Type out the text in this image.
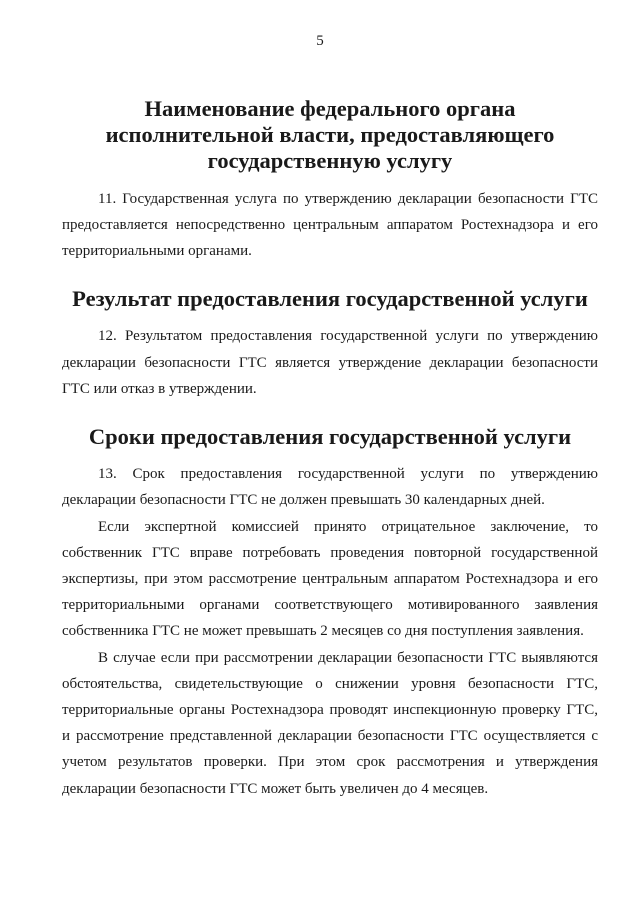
5
Наименование федерального органа исполнительной власти, предоставляющего государственную услугу

11. Государственная услуга по утверждению декларации безопасности ГТС предоставляется непосредственно центральным аппаратом Ростехнадзора и его территориальными органами.

Результат предоставления государственной услуги

12. Результатом предоставления государственной услуги по утверждению декларации безопасности ГТС является утверждение декларации безопасности ГТС или отказ в утверждении.

Сроки предоставления государственной услуги

13. Срок предоставления государственной услуги по утверждению декларации безопасности ГТС не должен превышать 30 календарных дней.

Если экспертной комиссией принято отрицательное заключение, то собственник ГТС вправе потребовать проведения повторной государственной экспертизы, при этом рассмотрение центральным аппаратом Ростехнадзора и его территориальными органами соответствующего мотивированного заявления собственника ГТС не может превышать 2 месяцев со дня поступления заявления.

В случае если при рассмотрении декларации безопасности ГТС выявляются обстоятельства, свидетельствующие о снижении уровня безопасности ГТС, территориальные органы Ростехнадзора проводят инспекционную проверку ГТС, и рассмотрение представленной декларации безопасности ГТС осуществляется с учетом результатов проверки. При этом срок рассмотрения и утверждения декларации безопасности ГТС может быть увеличен до 4 месяцев.
